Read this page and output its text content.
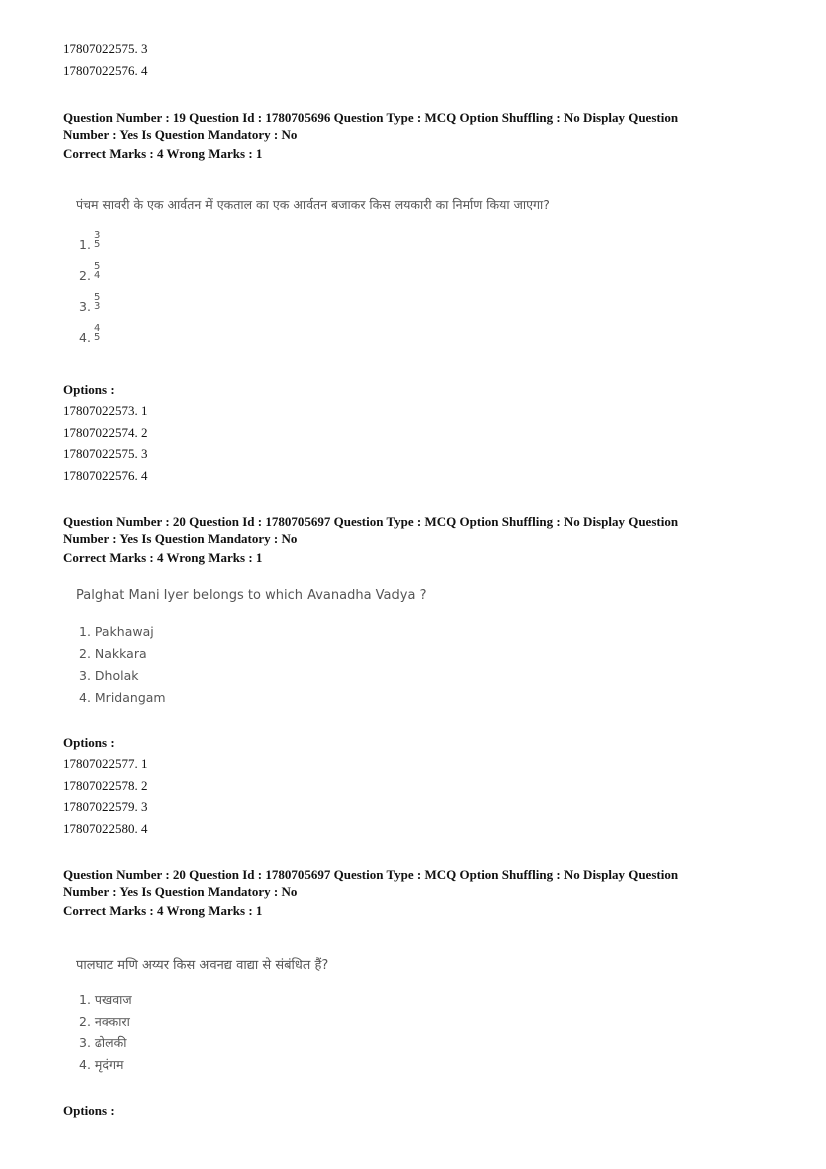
17807022575. 3
17807022576. 4
Question Number : 19 Question Id : 1780705696 Question Type : MCQ Option Shuffling : No Display Question
Number : Yes Is Question Mandatory : No
Correct Marks : 4 Wrong Marks : 1
पंचम सावरी के एक आर्वतन में एकताल का एक आर्वतन बजाकर किस लयकारी का निर्माण किया जाएगा?
1.
3
5
2.
5
4
3.
5
3
4.
4
5
Options :
17807022573. 1
17807022574. 2
17807022575. 3
17807022576. 4
Question Number : 20 Question Id : 1780705697 Question Type : MCQ Option Shuffling : No Display Question
Number : Yes Is Question Mandatory : No
Correct Marks : 4 Wrong Marks : 1
Palghat Mani Iyer belongs to which Avanadha Vadya ?
1. Pakhawaj
2. Nakkara
3. Dholak
4. Mridangam
Options :
17807022577. 1
17807022578. 2
17807022579. 3
17807022580. 4
Question Number : 20 Question Id : 1780705697 Question Type : MCQ Option Shuffling : No Display Question
Number : Yes Is Question Mandatory : No
Correct Marks : 4 Wrong Marks : 1
पालघाट मणि अय्यर किस अवनद्य वाद्या से संबंधित हैं?
1. पखवाज
2. नक्कारा
3. ढोलकी
4. मृदंगम
Options :
